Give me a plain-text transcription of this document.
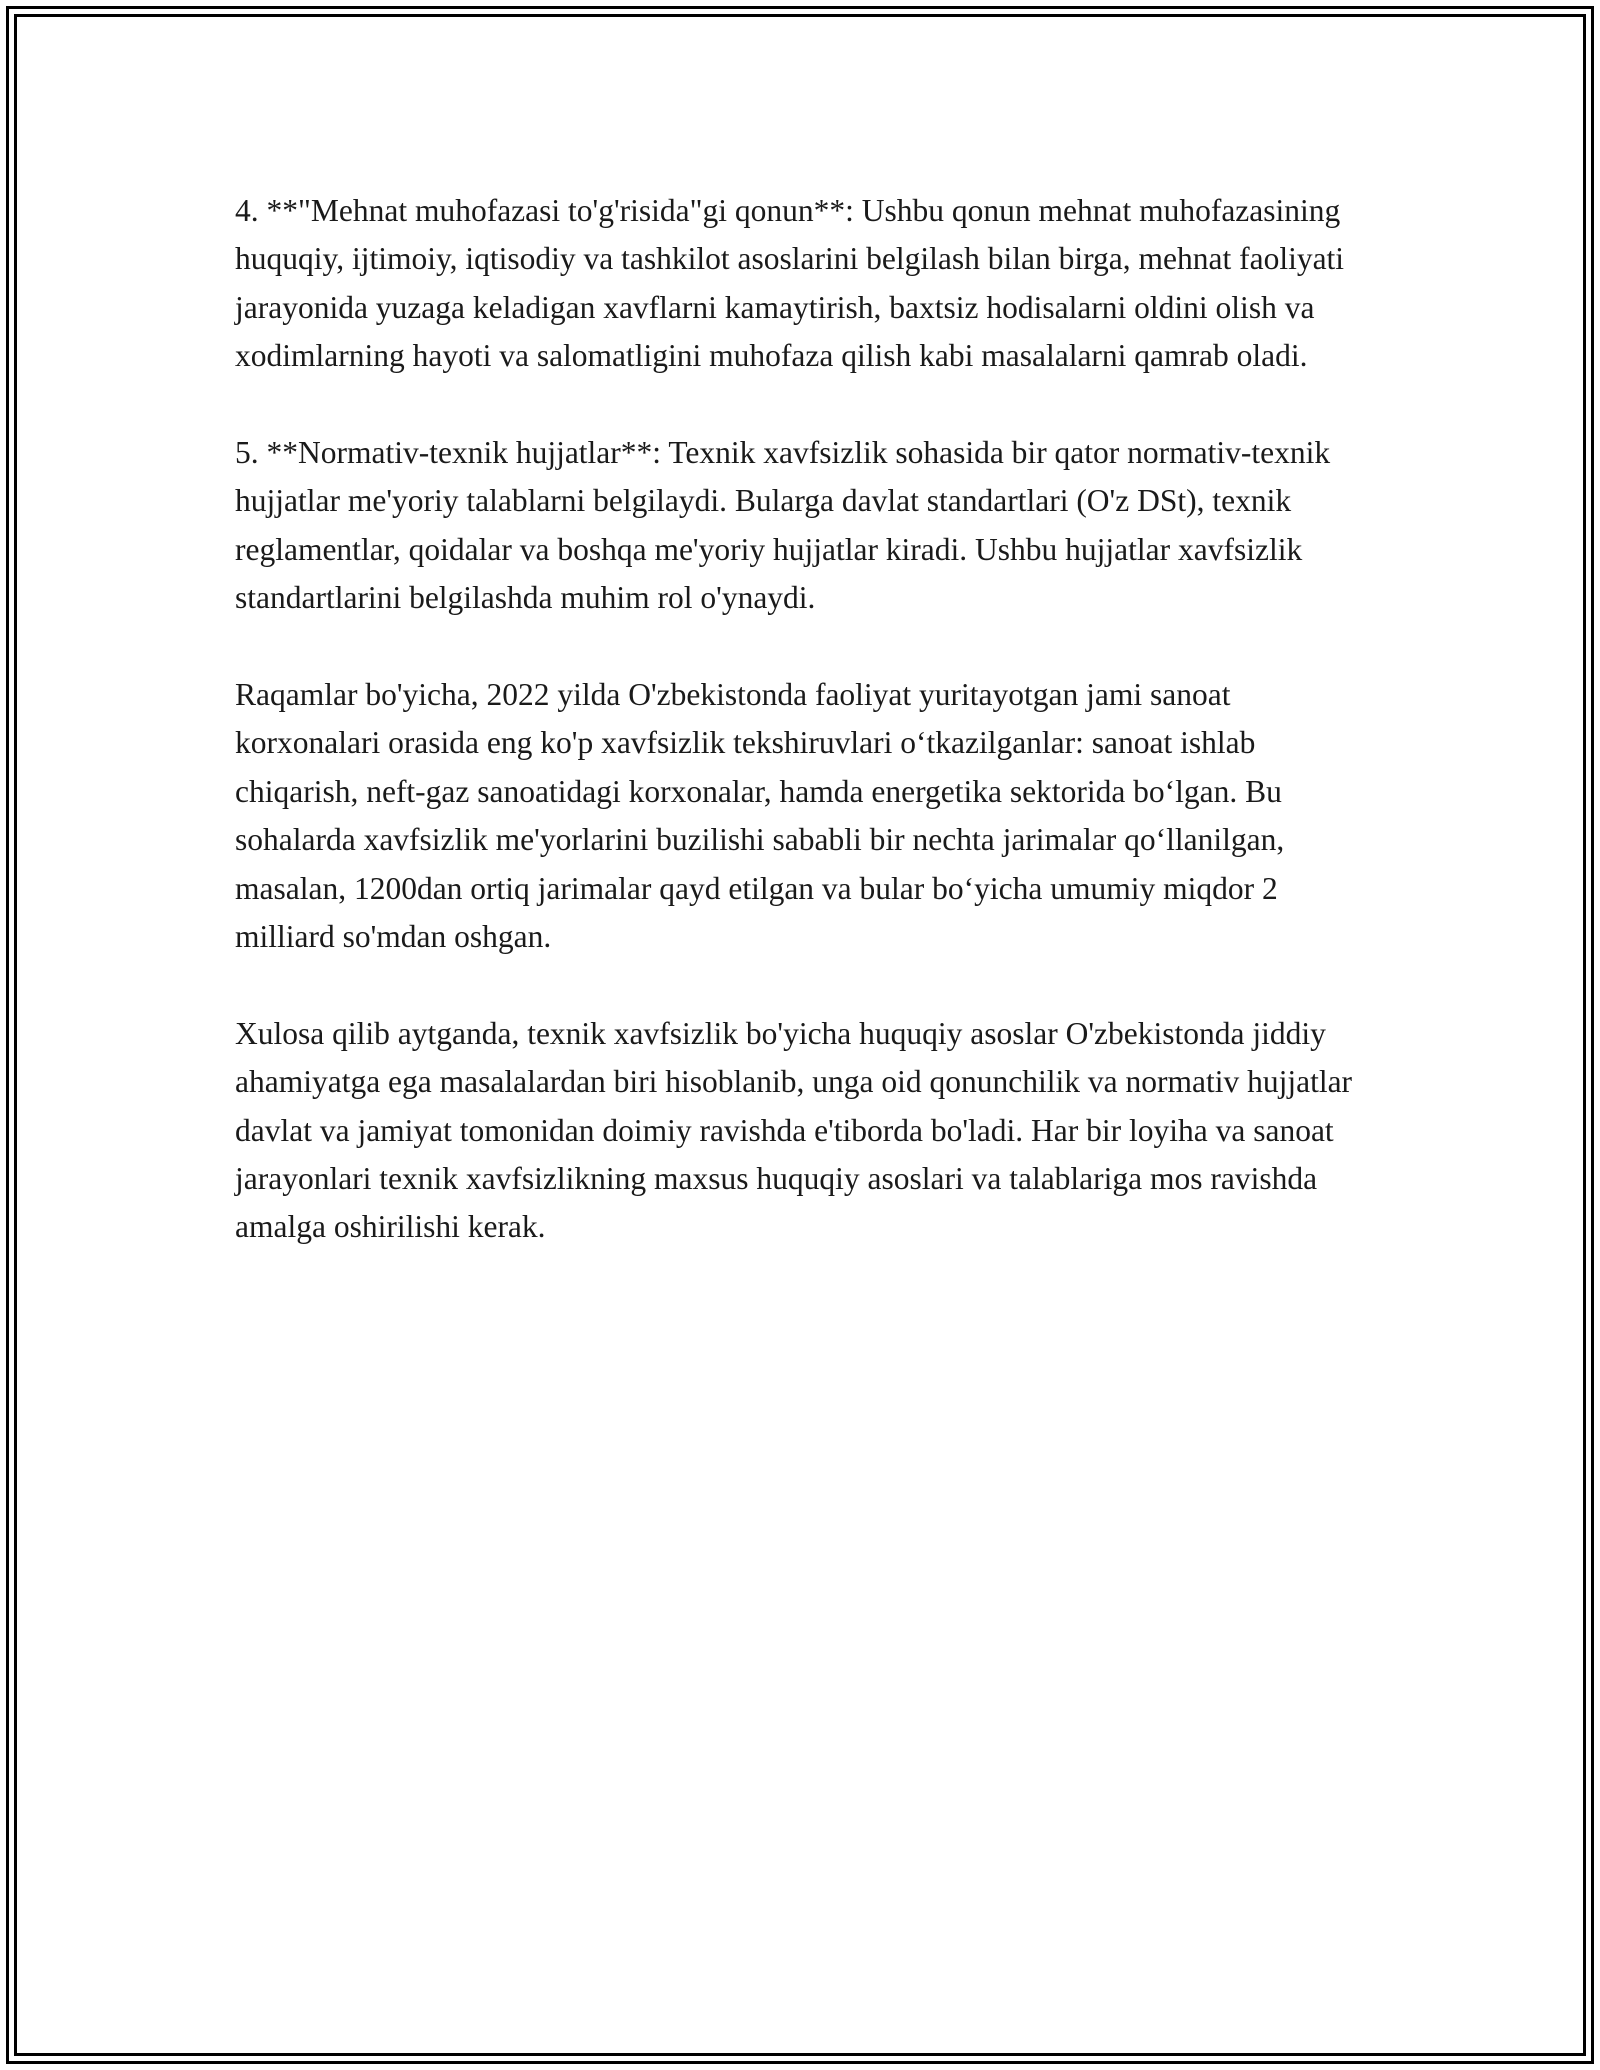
4. **"Mehnat muhofazasi to'g'risida"gi qonun**: Ushbu qonun mehnat muhofazasining huquqiy, ijtimoiy, iqtisodiy va tashkilot asoslarini belgilash bilan birga, mehnat faoliyati jarayonida yuzaga keladigan xavflarni kamaytirish, baxtsiz hodisalarni oldini olish va xodimlarning hayoti va salomatligini muhofaza qilish kabi masalalarni qamrab oladi.

5. **Normativ-texnik hujjatlar**: Texnik xavfsizlik sohasida bir qator normativ-texnik hujjatlar me'yoriy talablarni belgilaydi. Bularga davlat standartlari (O'z DSt), texnik reglamentlar, qoidalar va boshqa me'yoriy hujjatlar kiradi. Ushbu hujjatlar xavfsizlik standartlarini belgilashda muhim rol o'ynaydi.

Raqamlar bo'yicha, 2022 yilda O'zbekistonda faoliyat yuritayotgan jami sanoat korxonalari orasida eng ko'p xavfsizlik tekshiruvlari o‘tkazilganlar: sanoat ishlab chiqarish, neft-gaz sanoatidagi korxonalar, hamda energetika sektorida bo‘lgan. Bu sohalarda xavfsizlik me'yorlarini buzilishi sababli bir nechta jarimalar qo‘llanilgan, masalan, 1200dan ortiq jarimalar qayd etilgan va bular bo‘yicha umumiy miqdor 2 milliard so'mdan oshgan.

Xulosa qilib aytganda, texnik xavfsizlik bo'yicha huquqiy asoslar O'zbekistonda jiddiy ahamiyatga ega masalalardan biri hisoblanib, unga oid qonunchilik va normativ hujjatlar davlat va jamiyat tomonidan doimiy ravishda e'tiborda bo'ladi. Har bir loyiha va sanoat jarayonlari texnik xavfsizlikning maxsus huquqiy asoslari va talablariga mos ravishda amalga oshirilishi kerak.
